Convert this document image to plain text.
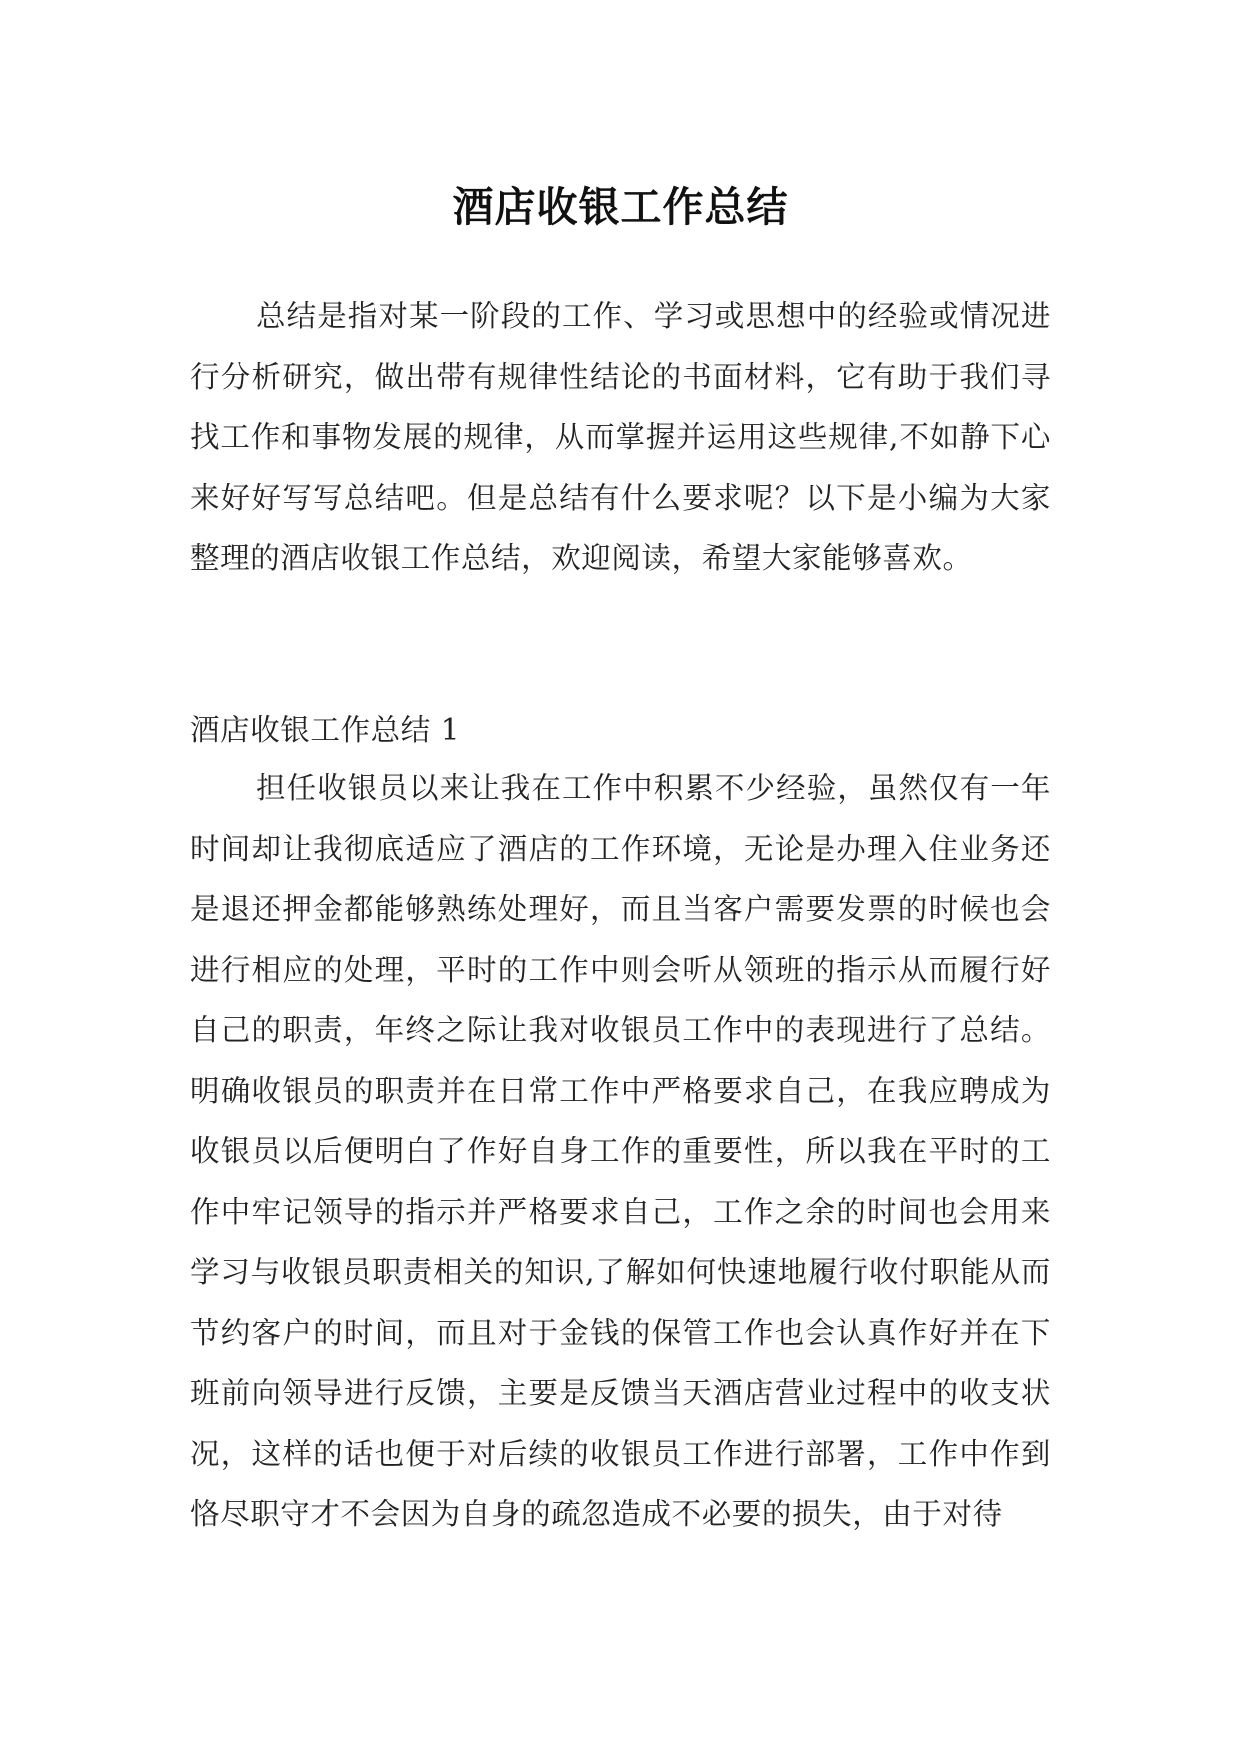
酒店收银工作总结

总结是指对某一阶段的工作、学习或思想中的经验或情况进行分析研究，做出带有规律性结论的书面材料，它有助于我们寻找工作和事物发展的规律，从而掌握并运用这些规律,不如静下心来好好写写总结吧。但是总结有什么要求呢？以下是小编为大家整理的酒店收银工作总结，欢迎阅读，希望大家能够喜欢。

酒店收银工作总结 1

担任收银员以来让我在工作中积累不少经验，虽然仅有一年时间却让我彻底适应了酒店的工作环境，无论是办理入住业务还是退还押金都能够熟练处理好，而且当客户需要发票的时候也会进行相应的处理，平时的工作中则会听从领班的指示从而履行好自己的职责，年终之际让我对收银员工作中的表现进行了总结。明确收银员的职责并在日常工作中严格要求自己，在我应聘成为收银员以后便明白了作好自身工作的重要性，所以我在平时的工作中牢记领导的指示并严格要求自己，工作之余的时间也会用来学习与收银员职责相关的知识,了解如何快速地履行收付职能从而节约客户的时间，而且对于金钱的保管工作也会认真作好并在下班前向领导进行反馈，主要是反馈当天酒店营业过程中的收支状况，这样的话也便于对后续的收银员工作进行部署，工作中作到恪尽职守才不会因为自身的疏忽造成不必要的损失，由于对待
